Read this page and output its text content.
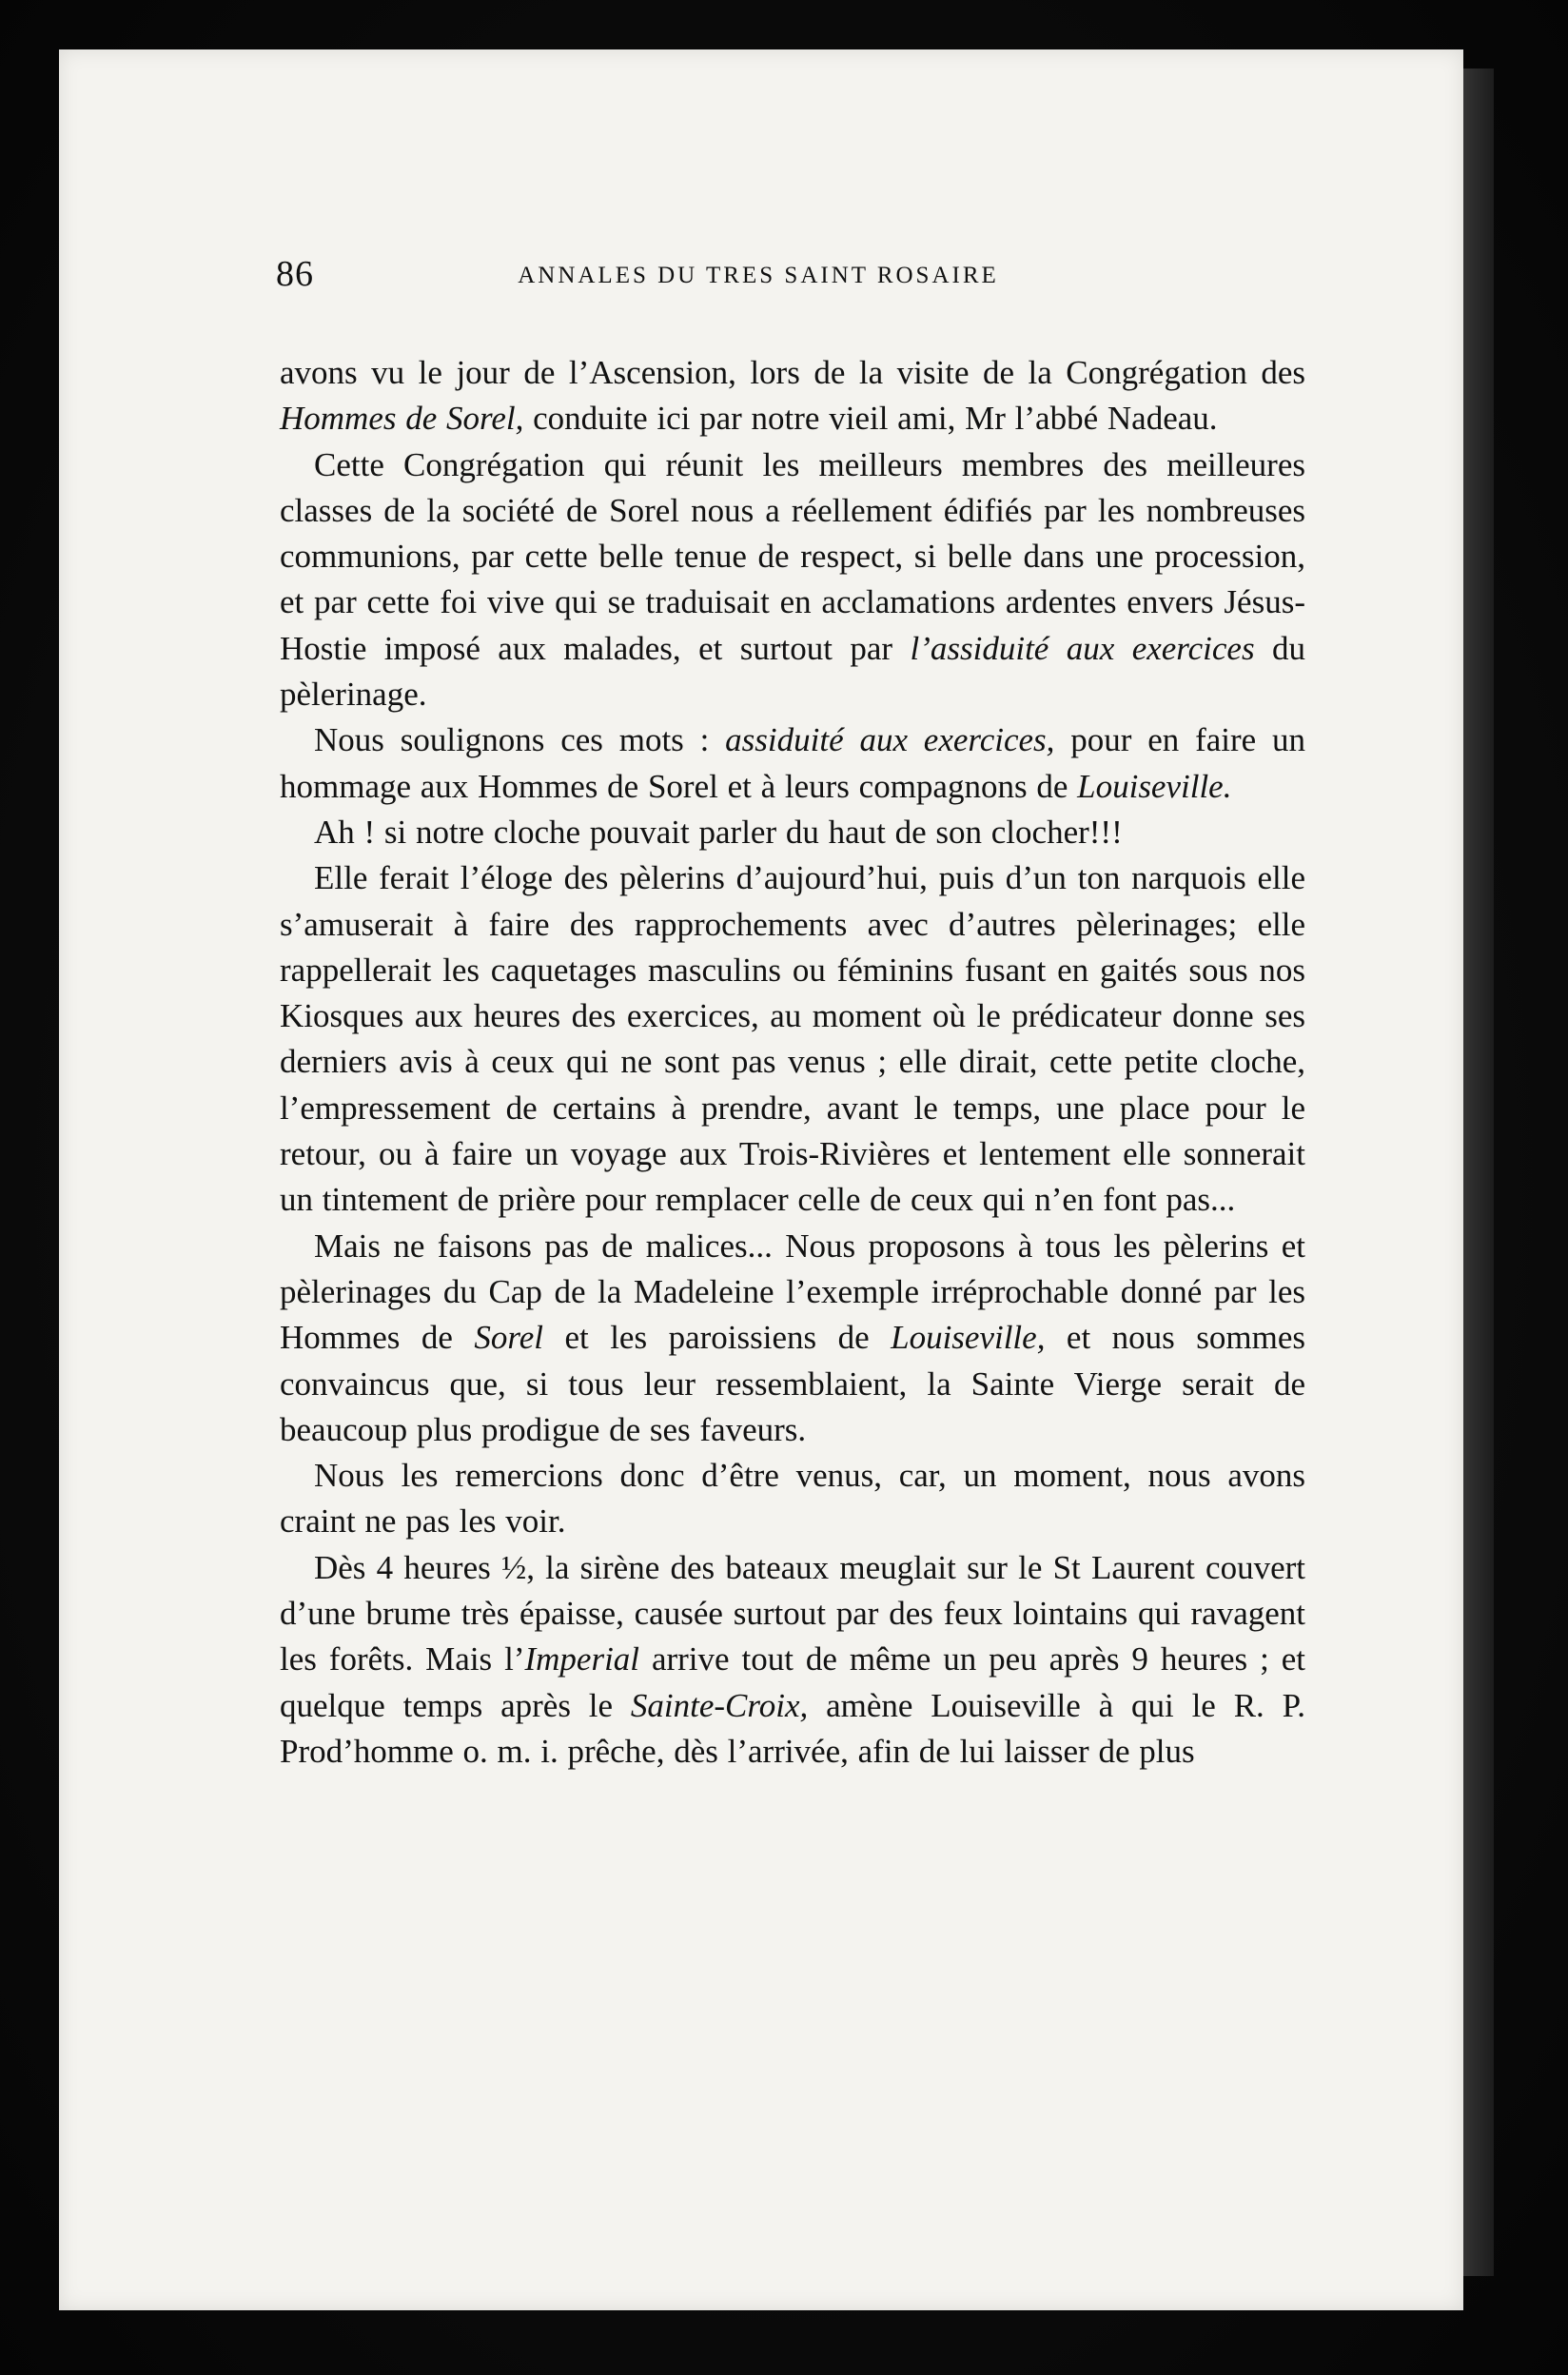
86	ANNALES DU TRES SAINT ROSAIRE

avons vu le jour de l’Ascension, lors de la visite de la Congrégation des Hommes de Sorel, conduite ici par notre vieil ami, Mr l’abbé Nadeau.

Cette Congrégation qui réunit les meilleurs membres des meilleures classes de la société de Sorel nous a réellement édifiés par les nombreuses communions, par cette belle tenue de respect, si belle dans une procession, et par cette foi vive qui se traduisait en acclamations ardentes envers Jésus-Hostie imposé aux malades, et surtout par l’assiduité aux exercices du pèlerinage.

Nous soulignons ces mots : assiduité aux exercices, pour en faire un hommage aux Hommes de Sorel et à leurs compagnons de Louiseville.

Ah ! si notre cloche pouvait parler du haut de son clocher!!!

Elle ferait l’éloge des pèlerins d’aujourd’hui, puis d’un ton narquois elle s’amuserait à faire des rapprochements avec d’autres pèlerinages; elle rappellerait les caquetages masculins ou féminins fusant en gaités sous nos Kiosques aux heures des exercices, au moment où le prédicateur donne ses derniers avis à ceux qui ne sont pas venus ; elle dirait, cette petite cloche, l’empressement de certains à prendre, avant le temps, une place pour le retour, ou à faire un voyage aux Trois-Rivières et lentement elle sonnerait un tintement de prière pour remplacer celle de ceux qui n’en font pas...

Mais ne faisons pas de malices... Nous proposons à tous les pèlerins et pèlerinages du Cap de la Madeleine l’exemple irréprochable donné par les Hommes de Sorel et les paroissiens de Louiseville, et nous sommes convaincus que, si tous leur ressemblaient, la Sainte Vierge serait de beaucoup plus prodigue de ses faveurs.

Nous les remercions donc d’être venus, car, un moment, nous avons craint ne pas les voir.

Dès 4 heures ½, la sirène des bateaux meuglait sur le St Laurent couvert d’une brume très épaisse, causée surtout par des feux lointains qui ravagent les forêts. Mais l’Imperial arrive tout de même un peu après 9 heures ; et quelque temps après le Sainte-Croix, amène Louiseville à qui le R. P. Prod’homme o. m. i. prêche, dès l’arrivée, afin de lui laisser de plus
